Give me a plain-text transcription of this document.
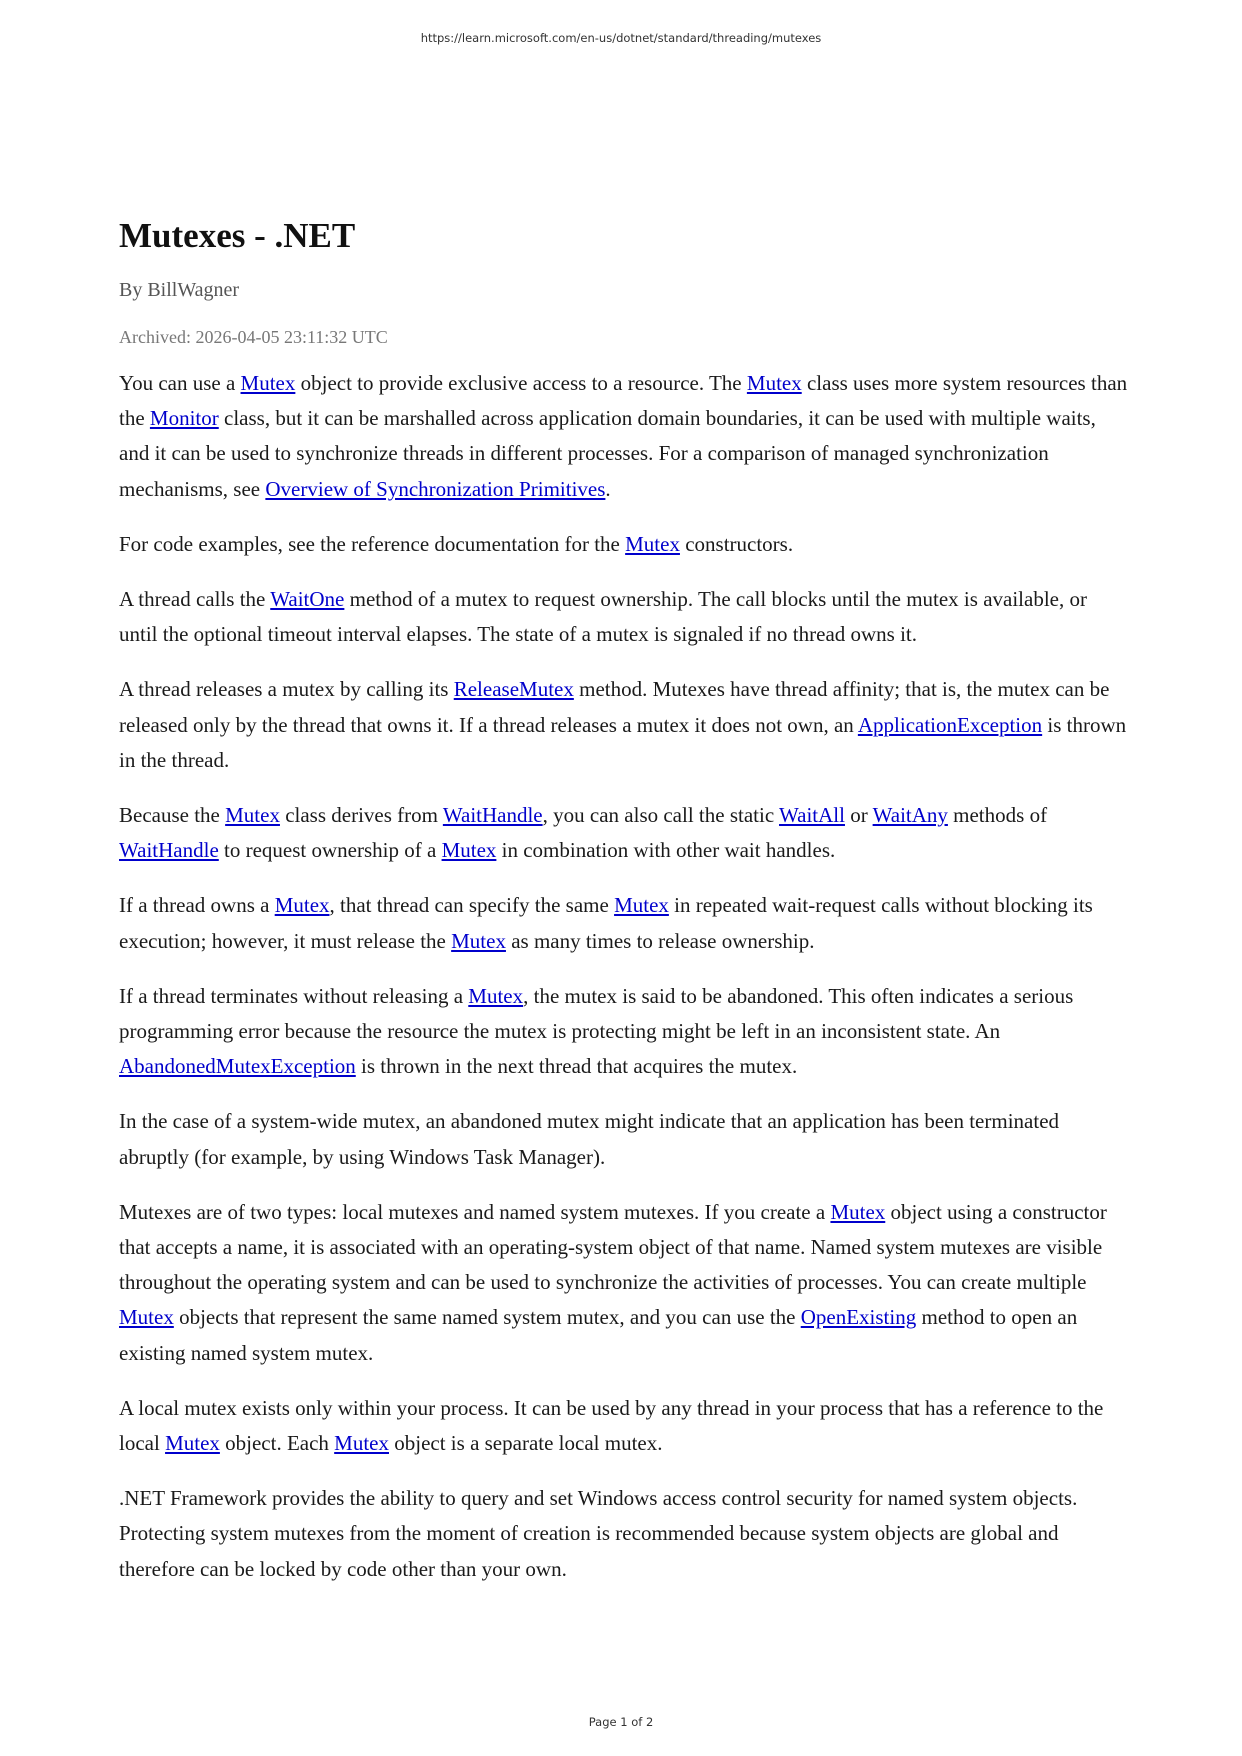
https://learn.microsoft.com/en-us/dotnet/standard/threading/mutexes
Mutexes - .NET
By BillWagner
Archived: 2026-04-05 23:11:32 UTC

You can use a Mutex object to provide exclusive access to a resource. The Mutex class uses more system resources than the Monitor class, but it can be marshalled across application domain boundaries, it can be used with multiple waits, and it can be used to synchronize threads in different processes. For a comparison of managed synchronization mechanisms, see Overview of Synchronization Primitives.

For code examples, see the reference documentation for the Mutex constructors.

A thread calls the WaitOne method of a mutex to request ownership. The call blocks until the mutex is available, or until the optional timeout interval elapses. The state of a mutex is signaled if no thread owns it.

A thread releases a mutex by calling its ReleaseMutex method. Mutexes have thread affinity; that is, the mutex can be released only by the thread that owns it. If a thread releases a mutex it does not own, an ApplicationException is thrown in the thread.

Because the Mutex class derives from WaitHandle, you can also call the static WaitAll or WaitAny methods of WaitHandle to request ownership of a Mutex in combination with other wait handles.

If a thread owns a Mutex, that thread can specify the same Mutex in repeated wait-request calls without blocking its execution; however, it must release the Mutex as many times to release ownership.

If a thread terminates without releasing a Mutex, the mutex is said to be abandoned. This often indicates a serious programming error because the resource the mutex is protecting might be left in an inconsistent state. An AbandonedMutexException is thrown in the next thread that acquires the mutex.

In the case of a system-wide mutex, an abandoned mutex might indicate that an application has been terminated abruptly (for example, by using Windows Task Manager).

Mutexes are of two types: local mutexes and named system mutexes. If you create a Mutex object using a constructor that accepts a name, it is associated with an operating-system object of that name. Named system mutexes are visible throughout the operating system and can be used to synchronize the activities of processes. You can create multiple Mutex objects that represent the same named system mutex, and you can use the OpenExisting method to open an existing named system mutex.

A local mutex exists only within your process. It can be used by any thread in your process that has a reference to the local Mutex object. Each Mutex object is a separate local mutex.

.NET Framework provides the ability to query and set Windows access control security for named system objects. Protecting system mutexes from the moment of creation is recommended because system objects are global and therefore can be locked by code other than your own.

Page 1 of 2
